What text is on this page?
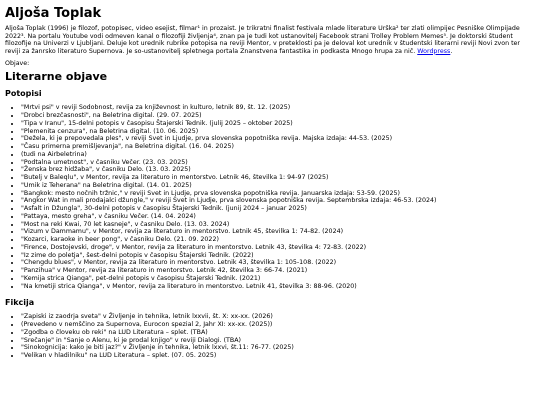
Aljoša Toplak

Aljoša Toplak (1996) je filozof, potopisec, video esejist, filmar¹ in prozaist. Je trikratni finalist festivala mlade literature Urška² ter zlati olimpijec Pesniške Olimpijade 2022³. Na portalu Youtube vodi odmeven kanal o filozofiji življenja⁴, znan pa je tudi kot ustanovitelj Facebook strani Trolley Problem Memes⁵. Je doktorski študent filozofije na Univerzi v Ljubljani. Deluje kot urednik rubrike potopisa na reviji Mentor, v preteklosti pa je deloval kot urednik v študentski literarni reviji Novi zvon ter reviji za žanrsko literaturo Supernova. Je so-ustanovitelj spletnega portala Znanstvena fantastika in podkasta Mnogo hrupa za nič. Wordpress.

Objave:

Literarne objave
Potopisi
• "Mrtvi psi" v reviji Sodobnost, revija za književnost in kulturo, letnik 89, št. 12. (2025)
• "Drobci brezčasnosti", na Beletrina digital. (29. 07. 2025)
• "Tipa v Iranu", 15-delni potopis v časopisu Štajerski Tednik. (julij 2025 – oktober 2025)
• "Plemenita cenzura", na Beletrina digital. (10. 06. 2025)
• "Dežela, ki je prepovedala ples", v reviji Svet in Ljudje, prva slovenska popotniška revija. Majska izdaja: 44-53. (2025)
• "Času primerna premišljevanja", na Beletrina digital. (16. 04. 2025)
• (tudi na Airbeletrina)
• "Podtalna umetnost", v časniku Večer. (23. 03. 2025)
• "Ženska brez hidžaba", v časniku Delo. (13. 03. 2025)
• "Butelj v Baleqlu", v Mentor, revija za literaturo in mentorstvo. Letnik 46, številka 1: 94-97 (2025)
• "Umik iz Teherana" na Beletrina digital. (14. 01. 2025)
• "Bangkok: mesto nočnih tržnic," v reviji Svet in Ljudje, prva slovenska popotniška revija. Januarska izdaja: 53-59. (2025)
• "Angkor Wat in mali prodajalci džungle," v reviji Svet in Ljudje, prva slovenska popotniška revija. Septembrska izdaja: 46-53. (2024)
• "Asfalt in Džungla", 30-delni potopis v časopisu Štajerski Tednik. (junij 2024 – januar 2025)
• "Pattaya, mesto greha", v časniku Večer. (14. 04. 2024)
• "Most na reki Kwai, 70 let kasneje", v časniku Delo. (13. 03. 2024)
• "Vizum v Dammamu", v Mentor, revija za literaturo in mentorstvo. Letnik 45, številka 1: 74-82. (2024)
• "Kozarci, karaoke in beer pong", v časniku Delo. (21. 09. 2022)
• "Firence, Dostojevski, droge", v Mentor, revija za literaturo in mentorstvo. Letnik 43, številka 4: 72-83. (2022)
• "Iz zime do poletja", šest-delni potopis v časopisu Štajerski Tednik. (2022)
• "Chengdu blues", v Mentor, revija za literaturo in mentorstvo. Letnik 43, številka 1: 105-108. (2022)
• "Panzihua" v Mentor, revija za literaturo in mentorstvo. Letnik 42, številka 3: 66-74. (2021)
• "Kemija strica Qianga", pet-delni potopis v časopisu Štajerski Tednik. (2021)
• "Na kmetiji strica Qianga", v Mentor, revija za literaturo in mentorstvo. Letnik 41, številka 3: 88-96. (2020)
Fikcija
• "Zapiski iz zaodrja sveta" v Življenje in tehnika, letnik lxxvii, št. X: xx-xx. (2026)
• (Prevedeno v nemščino za Supernova, Eurocon spezial 2, Jahr XI: xx-xx. (2025))
• "Zgodba o človeku ob reki" na LUD Literatura – splet. (TBA)
• "Srečanje" in "Sanje o Alenu, ki je prodal knjigo" v reviji Dialogi. (TBA)
• "Sinokognicija: kako je biti jaz?" v Življenje in tehnika, letnik lxxvi, št.11: 76-77. (2025)
• "Velikan v hladilniku" na LUD Literatura – splet. (07. 05. 2025)
